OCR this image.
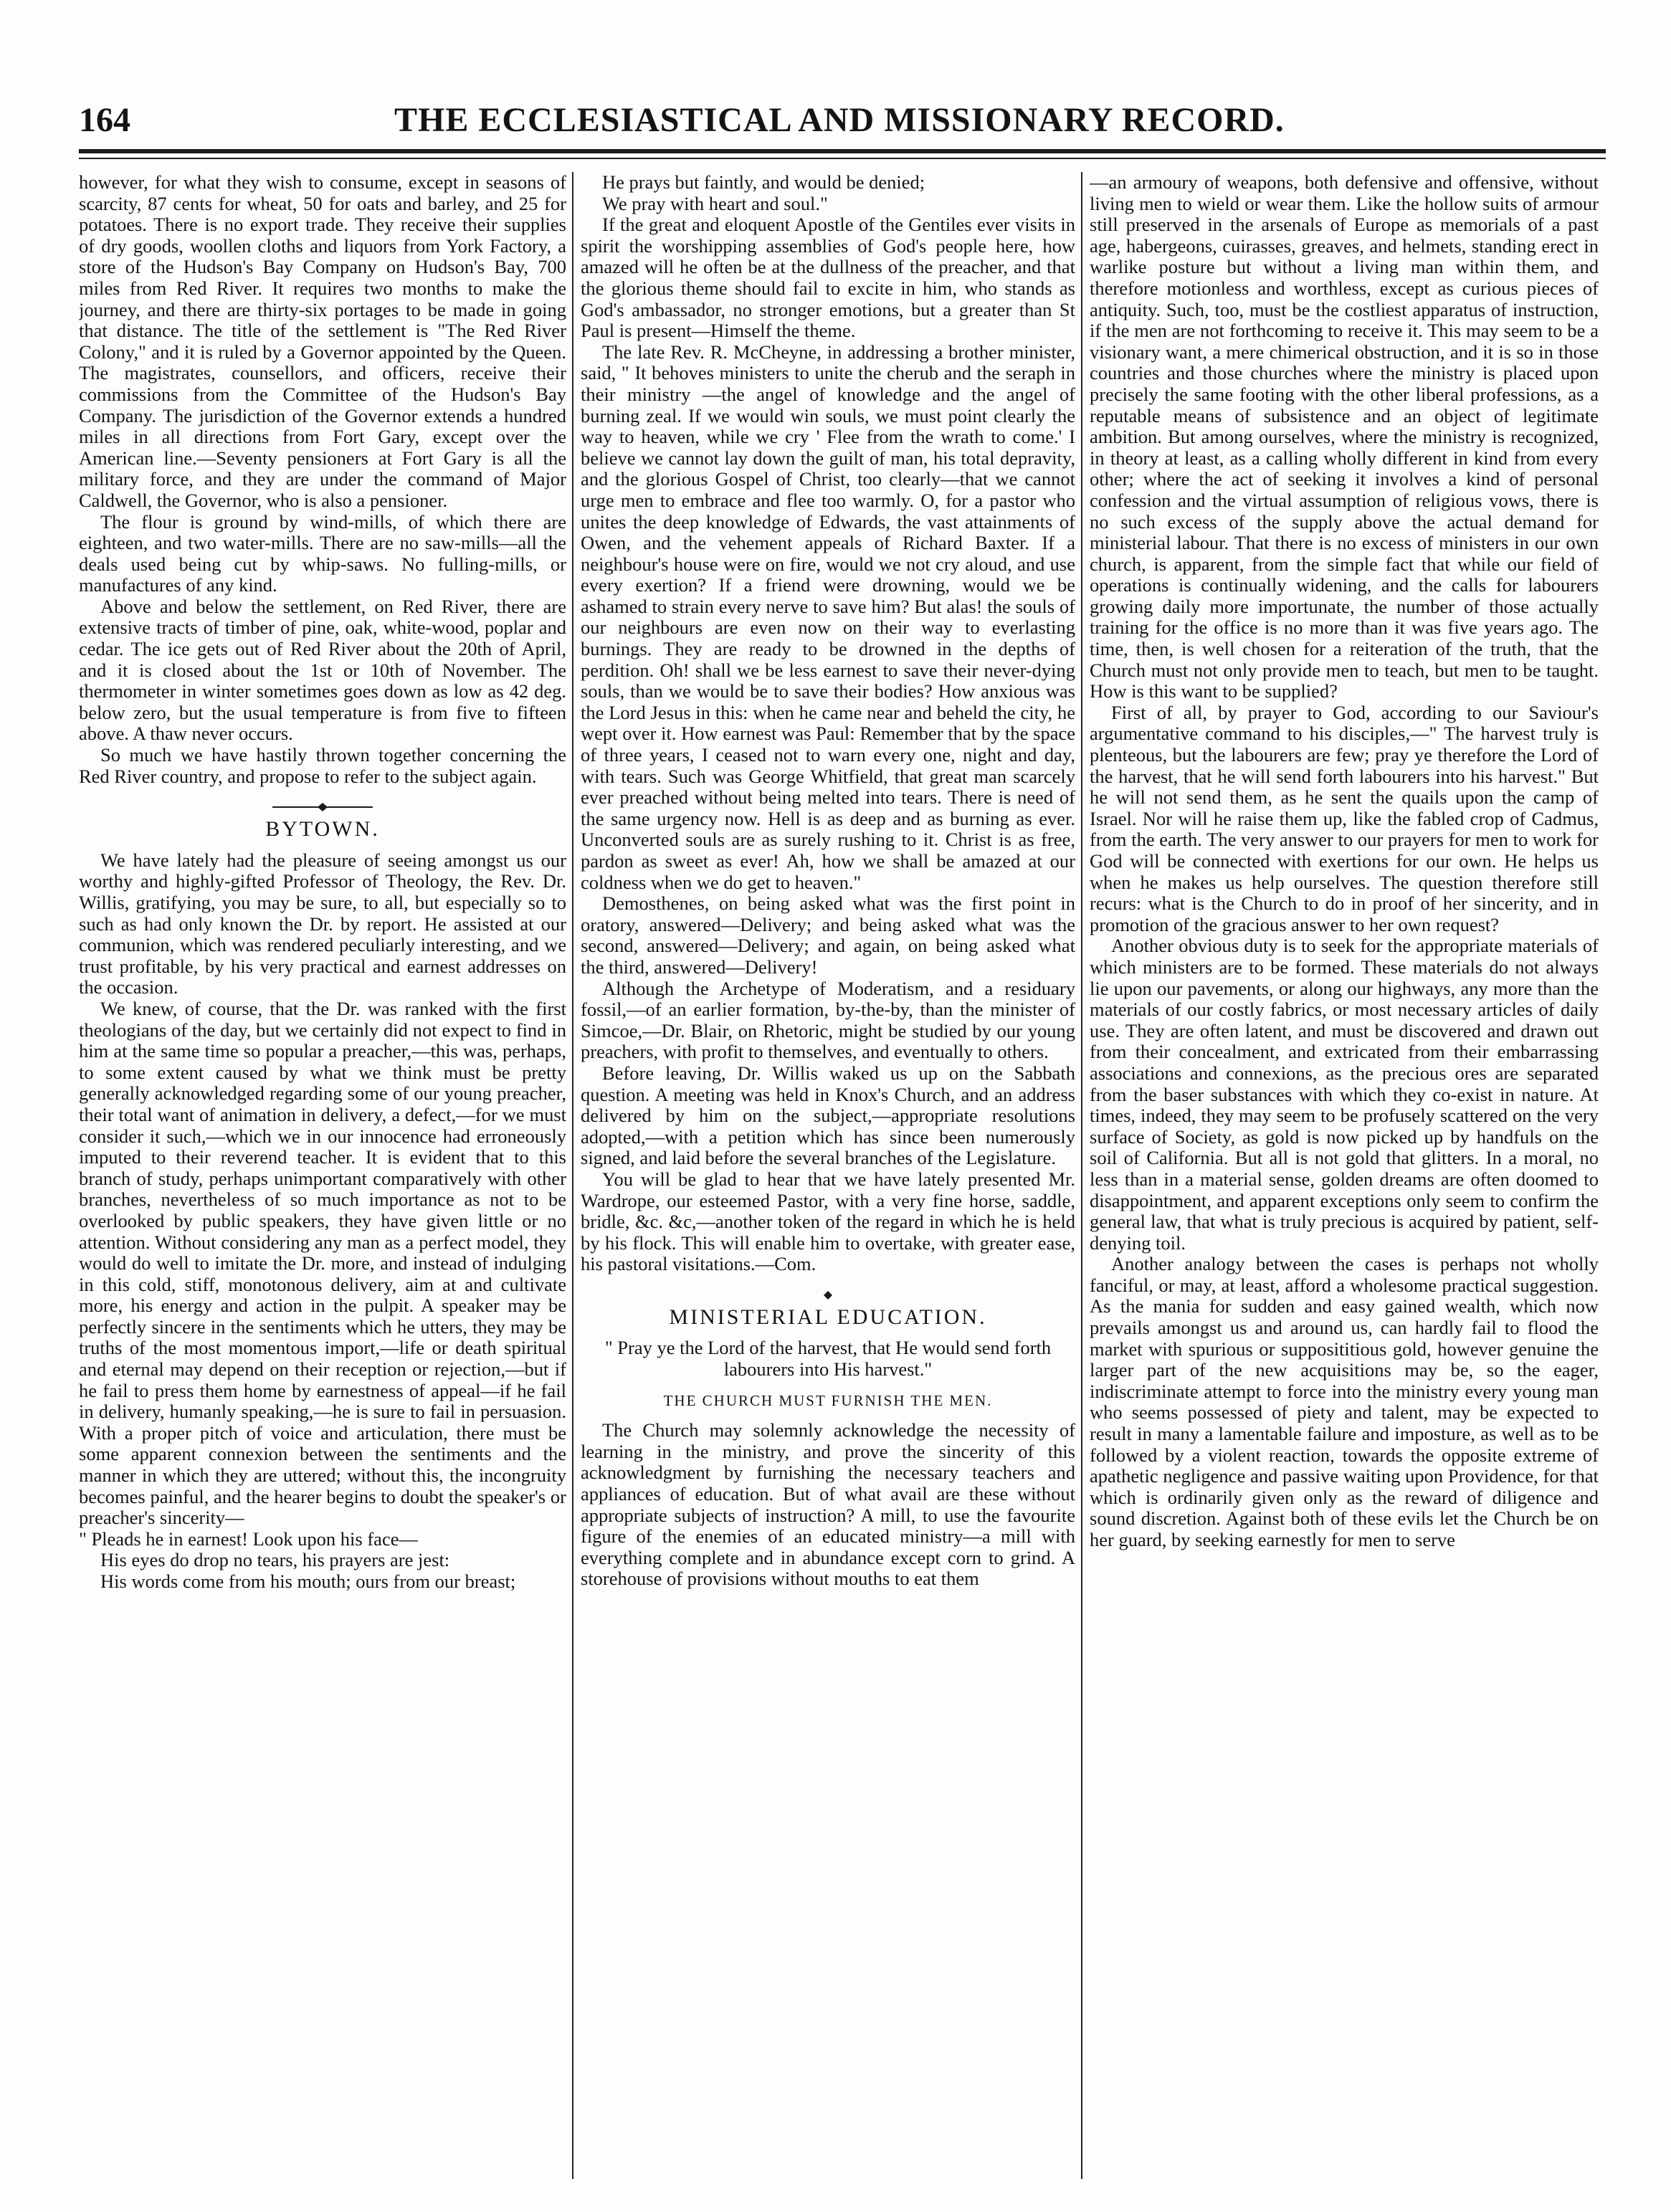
164	THE ECCLESIASTICAL AND MISSIONARY RECORD.

however, for what they wish to consume, except in seasons of scarcity, 87 cents for wheat, 50 for oats and barley, and 25 for potatoes. There is no export trade. They receive their supplies of dry goods, woollen cloths and liquors from York Factory, a store of the Hudson's Bay Company on Hudson's Bay, 700 miles from Red River. It requires two months to make the journey, and there are thirty-six portages to be made in going that distance. The title of the settlement is "The Red River Colony," and it is ruled by a Governor appointed by the Queen. The magistrates, counsellors, and officers, receive their commissions from the Committee of the Hudson's Bay Company. The jurisdiction of the Governor extends a hundred miles in all directions from Fort Gary, except over the American line.—Seventy pensioners at Fort Gary is all the military force, and they are under the command of Major Caldwell, the Governor, who is also a pensioner.

The flour is ground by wind-mills, of which there are eighteen, and two water-mills. There are no saw-mills—all the deals used being cut by whip-saws. No fulling-mills, or manufactures of any kind.

Above and below the settlement, on Red River, there are extensive tracts of timber of pine, oak, white-wood, poplar and cedar. The ice gets out of Red River about the 20th of April, and it is closed about the 1st or 10th of November. The thermometer in winter sometimes goes down as low as 42 deg. below zero, but the usual temperature is from five to fifteen above. A thaw never occurs.

So much we have hastily thrown together concerning the Red River country, and propose to refer to the subject again.

BYTOWN.

We have lately had the pleasure of seeing amongst us our worthy and highly-gifted Professor of Theology, the Rev. Dr. Willis, gratifying, you may be sure, to all, but especially so to such as had only known the Dr. by report. He assisted at our communion, which was rendered peculiarly interesting, and we trust profitable, by his very practical and earnest addresses on the occasion.

We knew, of course, that the Dr. was ranked with the first theologians of the day, but we certainly did not expect to find in him at the same time so popular a preacher,—this was, perhaps, to some extent caused by what we think must be pretty generally acknowledged regarding some of our young preacher, their total want of animation in delivery, a defect,—for we must consider it such,—which we in our innocence had erroneously imputed to their reverend teacher. It is evident that to this branch of study, perhaps unimportant comparatively with other branches, nevertheless of so much importance as not to be overlooked by public speakers, they have given little or no attention. Without considering any man as a perfect model, they would do well to imitate the Dr. more, and instead of indulging in this cold, stiff, monotonous delivery, aim at and cultivate more, his energy and action in the pulpit. A speaker may be perfectly sincere in the sentiments which he utters, they may be truths of the most momentous import,—life or death spiritual and eternal may depend on their reception or rejection,—but if he fail to press them home by earnestness of appeal—if he fail in delivery, humanly speaking,—he is sure to fail in persuasion. With a proper pitch of voice and articulation, there must be some apparent connexion between the sentiments and the manner in which they are uttered; without this, the incongruity becomes painful, and the hearer begins to doubt the speaker's or preacher's sincerity—

" Pleads he in earnest! Look upon his face—

His eyes do drop no tears, his prayers are jest:

His words come from his mouth; ours from our breast;

He prays but faintly, and would be denied;

We pray with heart and soul."

If the great and eloquent Apostle of the Gentiles ever visits in spirit the worshipping assemblies of God's people here, how amazed will he often be at the dullness of the preacher, and that the glorious theme should fail to excite in him, who stands as God's ambassador, no stronger emotions, but a greater than St Paul is present—Himself the theme.

The late Rev. R. McCheyne, in addressing a brother minister, said, " It behoves ministers to unite the cherub and the seraph in their ministry —the angel of knowledge and the angel of burning zeal. If we would win souls, we must point clearly the way to heaven, while we cry ' Flee from the wrath to come.' I believe we cannot lay down the guilt of man, his total depravity, and the glorious Gospel of Christ, too clearly—that we cannot urge men to embrace and flee too warmly. O, for a pastor who unites the deep knowledge of Edwards, the vast attainments of Owen, and the vehement appeals of Richard Baxter. If a neighbour's house were on fire, would we not cry aloud, and use every exertion? If a friend were drowning, would we be ashamed to strain every nerve to save him? But alas! the souls of our neighbours are even now on their way to everlasting burnings. They are ready to be drowned in the depths of perdition. Oh! shall we be less earnest to save their never-dying souls, than we would be to save their bodies? How anxious was the Lord Jesus in this: when he came near and beheld the city, he wept over it. How earnest was Paul: Remember that by the space of three years, I ceased not to warn every one, night and day, with tears. Such was George Whitfield, that great man scarcely ever preached without being melted into tears. There is need of the same urgency now. Hell is as deep and as burning as ever. Unconverted souls are as surely rushing to it. Christ is as free, pardon as sweet as ever! Ah, how we shall be amazed at our coldness when we do get to heaven."

Demosthenes, on being asked what was the first point in oratory, answered—Delivery; and being asked what was the second, answered—Delivery; and again, on being asked what the third, answered—Delivery!

Although the Archetype of Moderatism, and a residuary fossil,—of an earlier formation, by-the-by, than the minister of Simcoe,—Dr. Blair, on Rhetoric, might be studied by our young preachers, with profit to themselves, and eventually to others.

Before leaving, Dr. Willis waked us up on the Sabbath question. A meeting was held in Knox's Church, and an address delivered by him on the subject,—appropriate resolutions adopted,—with a petition which has since been numerously signed, and laid before the several branches of the Legislature.

You will be glad to hear that we have lately presented Mr. Wardrope, our esteemed Pastor, with a very fine horse, saddle, bridle, &c. &c,—another token of the regard in which he is held by his flock. This will enable him to overtake, with greater ease, his pastoral visitations.—Com.

MINISTERIAL EDUCATION.

" Pray ye the Lord of the harvest, that He would send forth labourers into His harvest."

THE CHURCH MUST FURNISH THE MEN.

The Church may solemnly acknowledge the necessity of learning in the ministry, and prove the sincerity of this acknowledgment by furnishing the necessary teachers and appliances of education. But of what avail are these without appropriate subjects of instruction? A mill, to use the favourite figure of the enemies of an educated ministry—a mill with everything complete and in abundance except corn to grind. A storehouse of provisions without mouths to eat them

—an armoury of weapons, both defensive and offensive, without living men to wield or wear them. Like the hollow suits of armour still preserved in the arsenals of Europe as memorials of a past age, habergeons, cuirasses, greaves, and helmets, standing erect in warlike posture but without a living man within them, and therefore motionless and worthless, except as curious pieces of antiquity. Such, too, must be the costliest apparatus of instruction, if the men are not forthcoming to receive it. This may seem to be a visionary want, a mere chimerical obstruction, and it is so in those countries and those churches where the ministry is placed upon precisely the same footing with the other liberal professions, as a reputable means of subsistence and an object of legitimate ambition. But among ourselves, where the ministry is recognized, in theory at least, as a calling wholly different in kind from every other; where the act of seeking it involves a kind of personal confession and the virtual assumption of religious vows, there is no such excess of the supply above the actual demand for ministerial labour. That there is no excess of ministers in our own church, is apparent, from the simple fact that while our field of operations is continually widening, and the calls for labourers growing daily more importunate, the number of those actually training for the office is no more than it was five years ago. The time, then, is well chosen for a reiteration of the truth, that the Church must not only provide men to teach, but men to be taught. How is this want to be supplied?

First of all, by prayer to God, according to our Saviour's argumentative command to his disciples,—" The harvest truly is plenteous, but the labourers are few; pray ye therefore the Lord of the harvest, that he will send forth labourers into his harvest." But he will not send them, as he sent the quails upon the camp of Israel. Nor will he raise them up, like the fabled crop of Cadmus, from the earth. The very answer to our prayers for men to work for God will be connected with exertions for our own. He helps us when he makes us help ourselves. The question therefore still recurs: what is the Church to do in proof of her sincerity, and in promotion of the gracious answer to her own request?

Another obvious duty is to seek for the appropriate materials of which ministers are to be formed. These materials do not always lie upon our pavements, or along our highways, any more than the materials of our costly fabrics, or most necessary articles of daily use. They are often latent, and must be discovered and drawn out from their concealment, and extricated from their embarrassing associations and connexions, as the precious ores are separated from the baser substances with which they co-exist in nature. At times, indeed, they may seem to be profusely scattered on the very surface of Society, as gold is now picked up by handfuls on the soil of California. But all is not gold that glitters. In a moral, no less than in a material sense, golden dreams are often doomed to disappointment, and apparent exceptions only seem to confirm the general law, that what is truly precious is acquired by patient, self-denying toil.

Another analogy between the cases is perhaps not wholly fanciful, or may, at least, afford a wholesome practical suggestion. As the mania for sudden and easy gained wealth, which now prevails amongst us and around us, can hardly fail to flood the market with spurious or supposititious gold, however genuine the larger part of the new acquisitions may be, so the eager, indiscriminate attempt to force into the ministry every young man who seems possessed of piety and talent, may be expected to result in many a lamentable failure and imposture, as well as to be followed by a violent reaction, towards the opposite extreme of apathetic negligence and passive waiting upon Providence, for that which is ordinarily given only as the reward of diligence and sound discretion. Against both of these evils let the Church be on her guard, by seeking earnestly for men to serve
